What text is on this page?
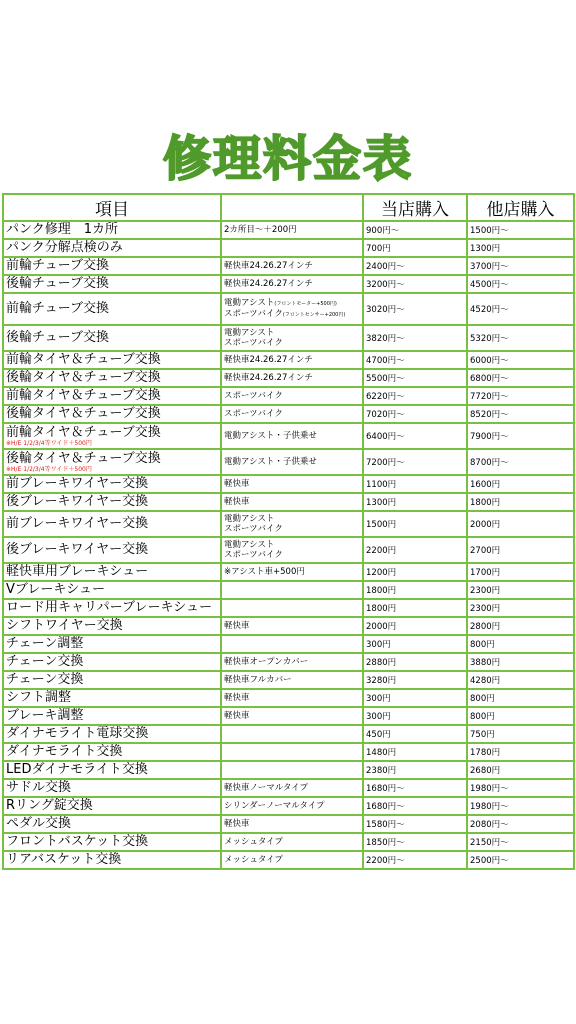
修理料金表
項目		当店購入	他店購入

パンク修理　1カ所	2カ所目～＋200円	900円～	1500円～

パンク分解点検のみ		700円	1300円

前輪チューブ交換	軽快車24.26.27インチ	2400円～	3700円～

後輪チューブ交換	軽快車24.26.27インチ	3200円～	4500円～

前輪チューブ交換	電動アシスト(フロントモーター+500円)
スポーツバイク(フロントセンサー+200円)	3020円～	4520円～

後輪チューブ交換	電動アシスト
スポーツバイク	3820円～	5320円～

前輪タイヤ＆チューブ交換	軽快車24.26.27インチ	4700円～	6000円～

後輪タイヤ＆チューブ交換	軽快車24.26.27インチ	5500円～	6800円～

前輪タイヤ＆チューブ交換	スポーツバイク	6220円～	7720円～

後輪タイヤ＆チューブ交換	スポーツバイク	7020円～	8520円～

前輪タイヤ＆チューブ交換
※H/E 1/2/3/4等ワイド＋500円	電動アシスト・子供乗せ	6400円～	7900円～

後輪タイヤ＆チューブ交換
※H/E 1/2/3/4等ワイド＋500円	電動アシスト・子供乗せ	7200円～	8700円～

前ブレーキワイヤー交換	軽快車	1100円	1600円

後ブレーキワイヤー交換	軽快車	1300円	1800円

前ブレーキワイヤー交換	電動アシスト
スポーツバイク	1500円	2000円

後ブレーキワイヤー交換	電動アシスト
スポーツバイク	2200円	2700円

軽快車用ブレーキシュー	※アシスト車+500円	1200円	1700円

Vブレーキシュー		1800円	2300円

ロード用キャリパーブレーキシュー		1800円	2300円

シフトワイヤー交換	軽快車	2000円	2800円

チェーン調整		300円	800円

チェーン交換	軽快車オープンカバー	2880円	3880円

チェーン交換	軽快車フルカバー	3280円	4280円

シフト調整	軽快車	300円	800円

ブレーキ調整	軽快車	300円	800円

ダイナモライト電球交換		450円	750円

ダイナモライト交換		1480円	1780円

LEDダイナモライト交換		2380円	2680円

サドル交換	軽快車ノーマルタイプ	1680円～	1980円～

Rリング錠交換	シリンダーノーマルタイプ	1680円～	1980円～

ペダル交換	軽快車	1580円～	2080円～

フロントバスケット交換	メッシュタイプ	1850円～	2150円～

リアバスケット交換	メッシュタイプ	2200円～	2500円～
